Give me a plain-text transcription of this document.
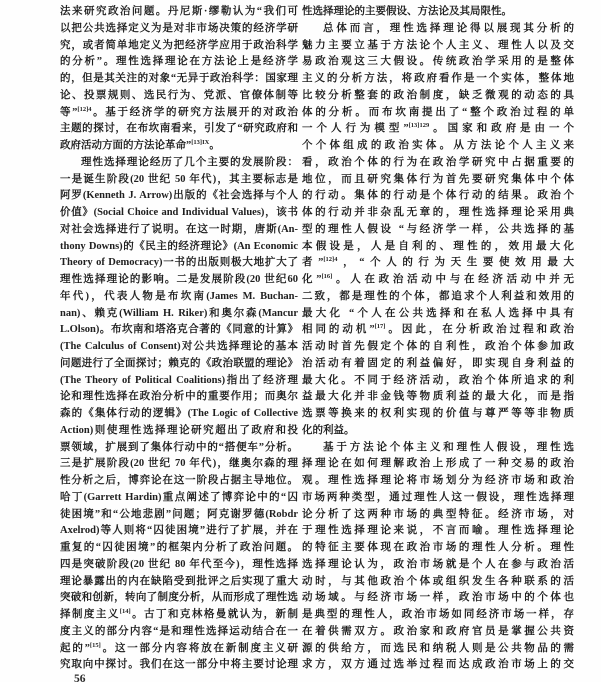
法来研究政治问题。丹尼斯·缪勒认为“我们可
以把公共选择定义为是对非市场决策的经济学研
究，或者简单地定义为把经济学应用于政治科学
的分析”。理性选择理论在方法论上是经济学
的，但是其关注的对象“无异于政治科学：国家理
论、投票规则、选民行为、党派、官僚体制等
等”$^{[12]4}$。基于经济学的研究方法展开的对政治
主题的探讨，在布坎南看来，引发了“研究政府和
政府活动方面的方法论革命”$^{[13]IX}$。
理性选择理论经历了几个主要的发展阶段：
一是诞生阶段(20 世纪 50 年代)，其主要标志是
阿罗(Kenneth J. Arrow)出版的《社会选择与个人
价值》(Social Choice and Individual Values)，该书
对社会选择进行了说明。在这一时期，唐斯(An-
thony Downs)的《民主的经济理论》(An Economic
Theory of Democracy)一书的出版则极大地扩大了
理性选择理论的影响。二是发展阶段(20 世纪60
年代)，代表人物是布坎南(James M. Buchan-
nan)、赖克(William H. Riker)和奥尔森(Mancur
L.Olson)。布坎南和塔洛克合著的《同意的计算》
(The Calculus of Consent)对公共选择理论的基本
问题进行了全面探讨；赖克的《政治联盟的理论》
(The Theory of Political Coalitions)指出了经济理
论和理性选择在政治分析中的重要作用；而奥尔
森的《集体行动的逻辑》(The Logic of Collective
Action)则使理性选择理论研究超出了政府和投
票领域，扩展到了集体行动中的“搭便车”分析。
三是扩展阶段(20 世纪 70 年代)，继奥尔森的理
性分析之后，博弈论在这一阶段占据主导地位。
哈丁(Garrett Hardin)重点阐述了博弈论中的“囚
徒困境”和“公地悲剧”问题；阿克谢罗德(Robdr
Axelrod)等人则将“囚徒困境”进行了扩展，并在
重复的“囚徒困境”的框架内分析了政治问题。
四是突破阶段(20 世纪 80 年代至今)，理性选择
理论暴露出的内在缺陷受到批评之后实现了重大
突破和创新，转向了制度分析，从而形成了理性选
择制度主义[14]。古丁和克林格曼就认为，新制
度主义的部分内容“是和理性选择运动结合在一
起的”[15]。这一部分内容将放在新制度主义研
究取向中探讨。我们在这一部分中将主要讨论理
性选择理论的主要假设、方法论及其局限性。
总体而言，理性选择理论得以展现其分析的
魅力主要立基于方法论个人主义、理性人以及交
易政治观这三大假设。传统政治学采用的是整体
主义的分析方法，将政府看作是一个实体，整体地
比较分析整套的政治制度，缺乏微观的动态的具
体的分析。而布坎南提出了“整个政治过程的单
一个人行为模型”$^{[13]129}$。国家和政府是由一个
个个体组成的政治实体。从方法论个人主义来
看，政治个体的行为在政治学研究中占据重要的
地位，而且研究集体行为首先要研究集体中个体
的行动。集体的行动是个体行动的结果。政治个
体的行动并非杂乱无章的，理性选择理论采用典
型的理性人假设 “与经济学一样，公共选择的基
本假设是，人是自利的、理性的，效用最大化
者”$^{[12]4}$，“个人的行为天生要使效用最大
化”[16]。人在政治活动中与在经济活动中并无
二致，都是理性的个体，都追求个人利益和效用的
最大化 “个人在公共选择和在私人选择中具有
相同的动机”[17]。因此，在分析政治过程和政治
活动时首先假定个体的自利性，政治个体参加政
治活动有着固定的利益偏好，即实现自身利益的
最大化。不同于经济活动，政治个体所追求的利
益最大化并非金钱等物质利益的最大化，而是指
选票等换来的权利实现的价值与尊严等等非物质
化的利益。
基于方法论个体主义和理性人假设，理性选
择理论在如何理解政治上形成了一种交易的政治
观。理性选择理论将市场划分为经济市场和政治
市场两种类型，通过理性人这一假设，理性选择理
论分析了这两种市场的典型特征。经济市场，对
于理性选择理论来说，不言而喻。理性选择理论
的特征主要体现在政治市场的理性人分析。理性
选择理论认为，政治市场就是个人在参与政治活
动时，与其他政治个体或组织发生各种联系的活
动场域。与经济市场一样，政治市场中的个体也
是典型的理性人，政治市场如同经济市场一样，存
在着供需双方。政治家和政府官员是掌握公共资
源的供给方，而选民和纳税人则是公共物品的需
求方，双方通过选举过程而达成政治市场上的交
56
